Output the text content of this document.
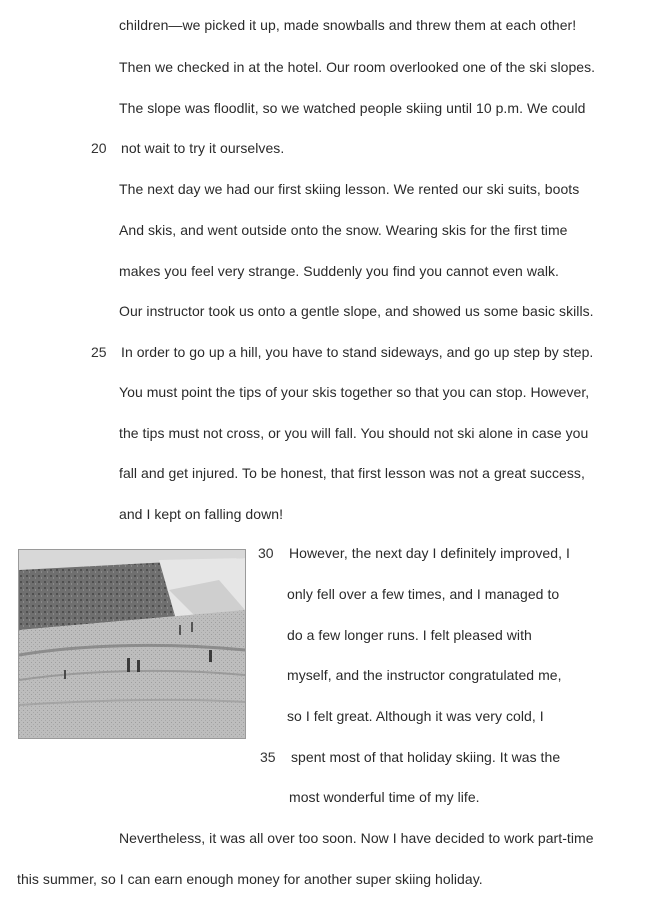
children—we picked it up, made snowballs and threw them at each other!
Then we checked in at the hotel. Our room overlooked one of the ski slopes.
The slope was floodlit, so we watched people skiing until 10 p.m. We could
20 not wait to try it ourselves.
The next day we had our first skiing lesson. We rented our ski suits, boots
And skis, and went outside onto the snow. Wearing skis for the first time
makes you feel very strange. Suddenly you find you cannot even walk.
Our instructor took us onto a gentle slope, and showed us some basic skills.
25 In order to go up a hill, you have to stand sideways, and go up step by step.
You must point the tips of your skis together so that you can stop. However,
the tips must not cross, or you will fall. You should not ski alone in case you
fall and get injured. To be honest, that first lesson was not a great success,
and I kept on falling down!
30 However, the next day I definitely improved, I
only fell over a few times, and I managed to
do a few longer runs. I felt pleased with
myself, and the instructor congratulated me,
so I felt great. Although it was very cold, I
35 spent most of that holiday skiing. It was the
most wonderful time of my life.
Nevertheless, it was all over too soon. Now I have decided to work part-time
this summer, so I can earn enough money for another super skiing holiday.
